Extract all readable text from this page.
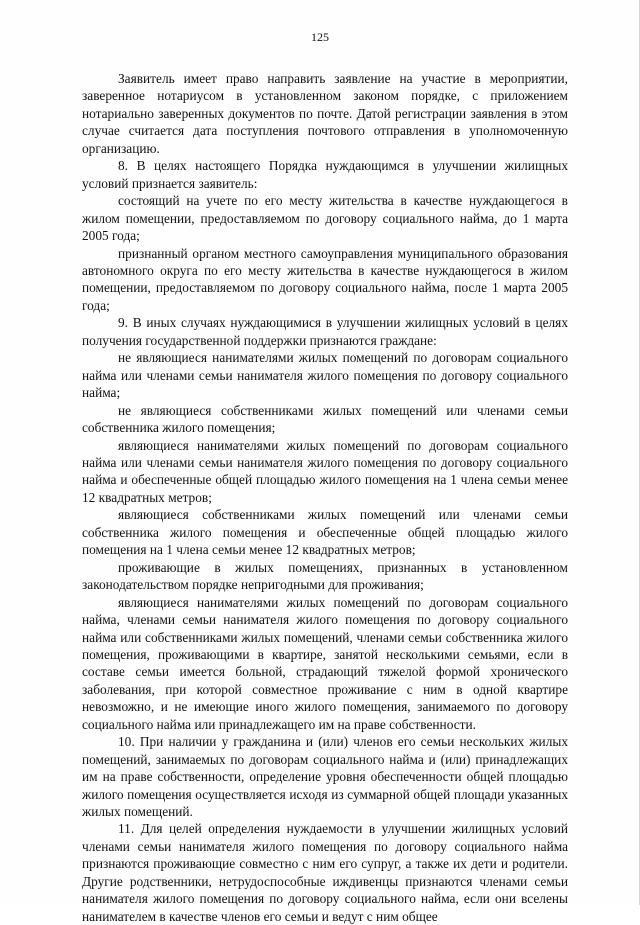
125

Заявитель имеет право направить заявление на участие в мероприятии, заверенное нотариусом в установленном законом порядке, с приложением нотариально заверенных документов по почте. Датой регистрации заявления в этом случае считается дата поступления почтового отправления в уполномоченную организацию.

8. В целях настоящего Порядка нуждающимся в улучшении жилищных условий признается заявитель:

состоящий на учете по его месту жительства в качестве нуждающегося в жилом помещении, предоставляемом по договору социального найма, до 1 марта 2005 года;

признанный органом местного самоуправления муниципального образования автономного округа по его месту жительства в качестве нуждающегося в жилом помещении, предоставляемом по договору социального найма, после 1 марта 2005 года;

9. В иных случаях нуждающимися в улучшении жилищных условий в целях получения государственной поддержки признаются граждане:

не являющиеся нанимателями жилых помещений по договорам социального найма или членами семьи нанимателя жилого помещения по договору социального найма;

не являющиеся собственниками жилых помещений или членами семьи собственника жилого помещения;

являющиеся нанимателями жилых помещений по договорам социального найма или членами семьи нанимателя жилого помещения по договору социального найма и обеспеченные общей площадью жилого помещения на 1 члена семьи менее 12 квадратных метров;

являющиеся собственниками жилых помещений или членами семьи собственника жилого помещения и обеспеченные общей площадью жилого помещения на 1 члена семьи менее 12 квадратных метров;

проживающие в жилых помещениях, признанных в установленном законодательством порядке непригодными для проживания;

являющиеся нанимателями жилых помещений по договорам социального найма, членами семьи нанимателя жилого помещения по договору социального найма или собственниками жилых помещений, членами семьи собственника жилого помещения, проживающими в квартире, занятой несколькими семьями, если в составе семьи имеется больной, страдающий тяжелой формой хронического заболевания, при которой совместное проживание с ним в одной квартире невозможно, и не имеющие иного жилого помещения, занимаемого по договору социального найма или принадлежащего им на праве собственности.

10. При наличии у гражданина и (или) членов его семьи нескольких жилых помещений, занимаемых по договорам социального найма и (или) принадлежащих им на праве собственности, определение уровня обеспеченности общей площадью жилого помещения осуществляется исходя из суммарной общей площади указанных жилых помещений.

11. Для целей определения нуждаемости в улучшении жилищных условий членами семьи нанимателя жилого помещения по договору социального найма признаются проживающие совместно с ним его супруг, а также их дети и родители. Другие родственники, нетрудоспособные иждивенцы признаются членами семьи нанимателя жилого помещения по договору социального найма, если они вселены нанимателем в качестве членов его семьи и ведут с ним общее
